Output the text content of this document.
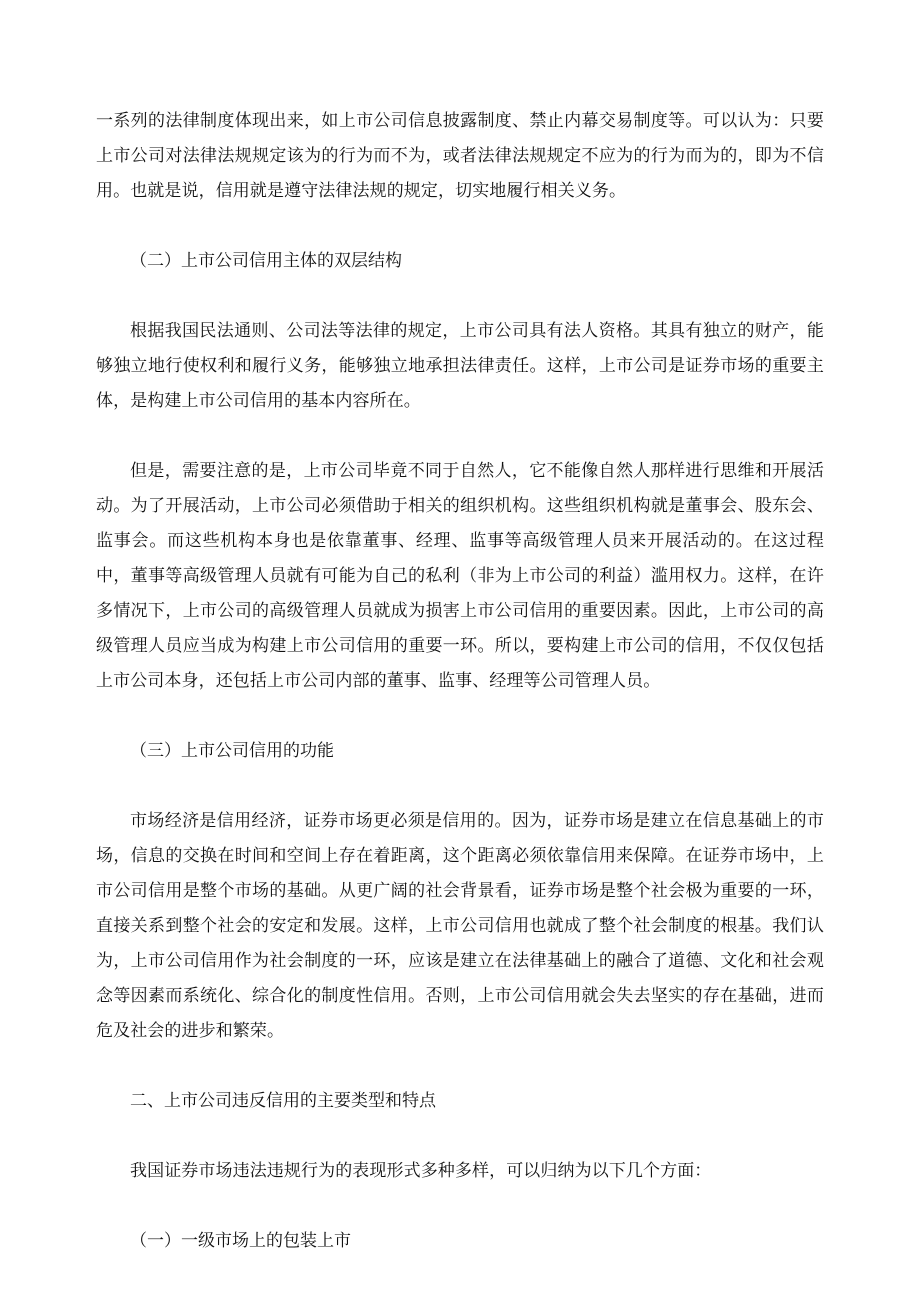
一系列的法律制度体现出来，如上市公司信息披露制度、禁止内幕交易制度等。可以认为：只要上市公司对法律法规规定该为的行为而不为，或者法律法规规定不应为的行为而为的，即为不信用。也就是说，信用就是遵守法律法规的规定，切实地履行相关义务。

（二）上市公司信用主体的双层结构

根据我国民法通则、公司法等法律的规定，上市公司具有法人资格。其具有独立的财产，能够独立地行使权利和履行义务，能够独立地承担法律责任。这样，上市公司是证券市场的重要主体，是构建上市公司信用的基本内容所在。

但是，需要注意的是，上市公司毕竟不同于自然人，它不能像自然人那样进行思维和开展活动。为了开展活动，上市公司必须借助于相关的组织机构。这些组织机构就是董事会、股东会、监事会。而这些机构本身也是依靠董事、经理、监事等高级管理人员来开展活动的。在这过程中，董事等高级管理人员就有可能为自己的私利（非为上市公司的利益）滥用权力。这样，在许多情况下，上市公司的高级管理人员就成为损害上市公司信用的重要因素。因此，上市公司的高级管理人员应当成为构建上市公司信用的重要一环。所以，要构建上市公司的信用，不仅仅包括上市公司本身，还包括上市公司内部的董事、监事、经理等公司管理人员。

（三）上市公司信用的功能

市场经济是信用经济，证券市场更必须是信用的。因为，证券市场是建立在信息基础上的市场，信息的交换在时间和空间上存在着距离，这个距离必须依靠信用来保障。在证券市场中，上市公司信用是整个市场的基础。从更广阔的社会背景看，证券市场是整个社会极为重要的一环，直接关系到整个社会的安定和发展。这样，上市公司信用也就成了整个社会制度的根基。我们认为，上市公司信用作为社会制度的一环，应该是建立在法律基础上的融合了道德、文化和社会观念等因素而系统化、综合化的制度性信用。否则，上市公司信用就会失去坚实的存在基础，进而危及社会的进步和繁荣。

二、上市公司违反信用的主要类型和特点

我国证券市场违法违规行为的表现形式多种多样，可以归纳为以下几个方面：

（一）一级市场上的包装上市
